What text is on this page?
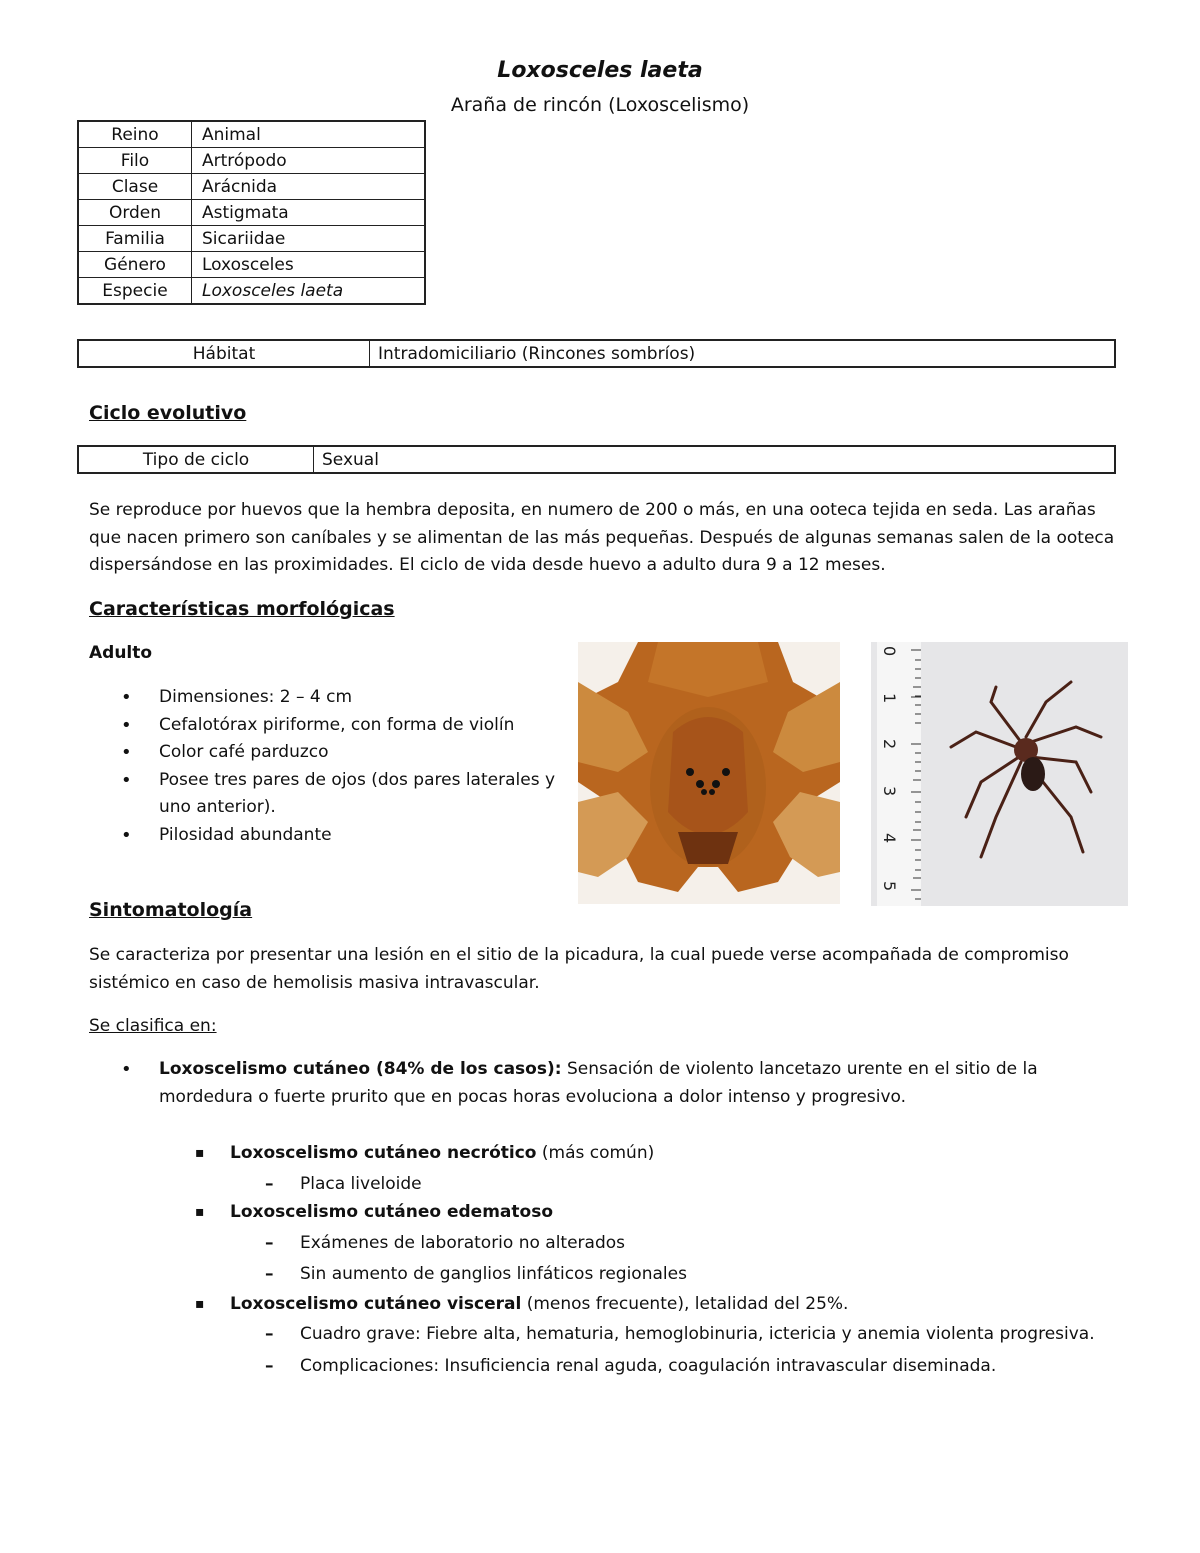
Loxosceles laeta
Araña de rincón (Loxoscelismo)
Reino	Animal
Filo	Artrópodo
Clase	Arácnida
Orden	Astigmata
Familia	Sicariidae
Género	Loxosceles
Especie	Loxosceles laeta
Hábitat	Intradomiciliario (Rincones sombríos)
Ciclo evolutivo
Tipo de ciclo	Sexual
Se reproduce por huevos que la hembra deposita, en numero de 200 o más, en una ooteca tejida en seda. Las arañas que nacen primero son caníbales y se alimentan de las más pequeñas. Después de algunas semanas salen de la ooteca dispersándose en las proximidades. El ciclo de vida desde huevo a adulto dura 9 a 12 meses.
Características morfológicas
Adulto
• Dimensiones: 2 – 4 cm
• Cefalotórax piriforme, con forma de violín
• Color café parduzco
• Posee tres pares de ojos (dos pares laterales y uno anterior).
• Pilosidad abundante
0
1
2
3
4
5
Sintomatología
Se caracteriza por presentar una lesión en el sitio de la picadura, la cual puede verse acompañada de compromiso sistémico en caso de hemolisis masiva intravascular.
Se clasifica en:
• Loxoscelismo cutáneo (84% de los casos): Sensación de violento lancetazo urente en el sitio de la mordedura o fuerte prurito que en pocas horas evoluciona a dolor intenso y progresivo.
▪ Loxoscelismo cutáneo necrótico (más común)
– Placa liveloide
▪ Loxoscelismo cutáneo edematoso
– Exámenes de laboratorio no alterados
– Sin aumento de ganglios linfáticos regionales
▪ Loxoscelismo cutáneo visceral (menos frecuente), letalidad del 25%.
– Cuadro grave: Fiebre alta, hematuria, hemoglobinuria, ictericia y anemia violenta progresiva.
– Complicaciones: Insuficiencia renal aguda, coagulación intravascular diseminada.
